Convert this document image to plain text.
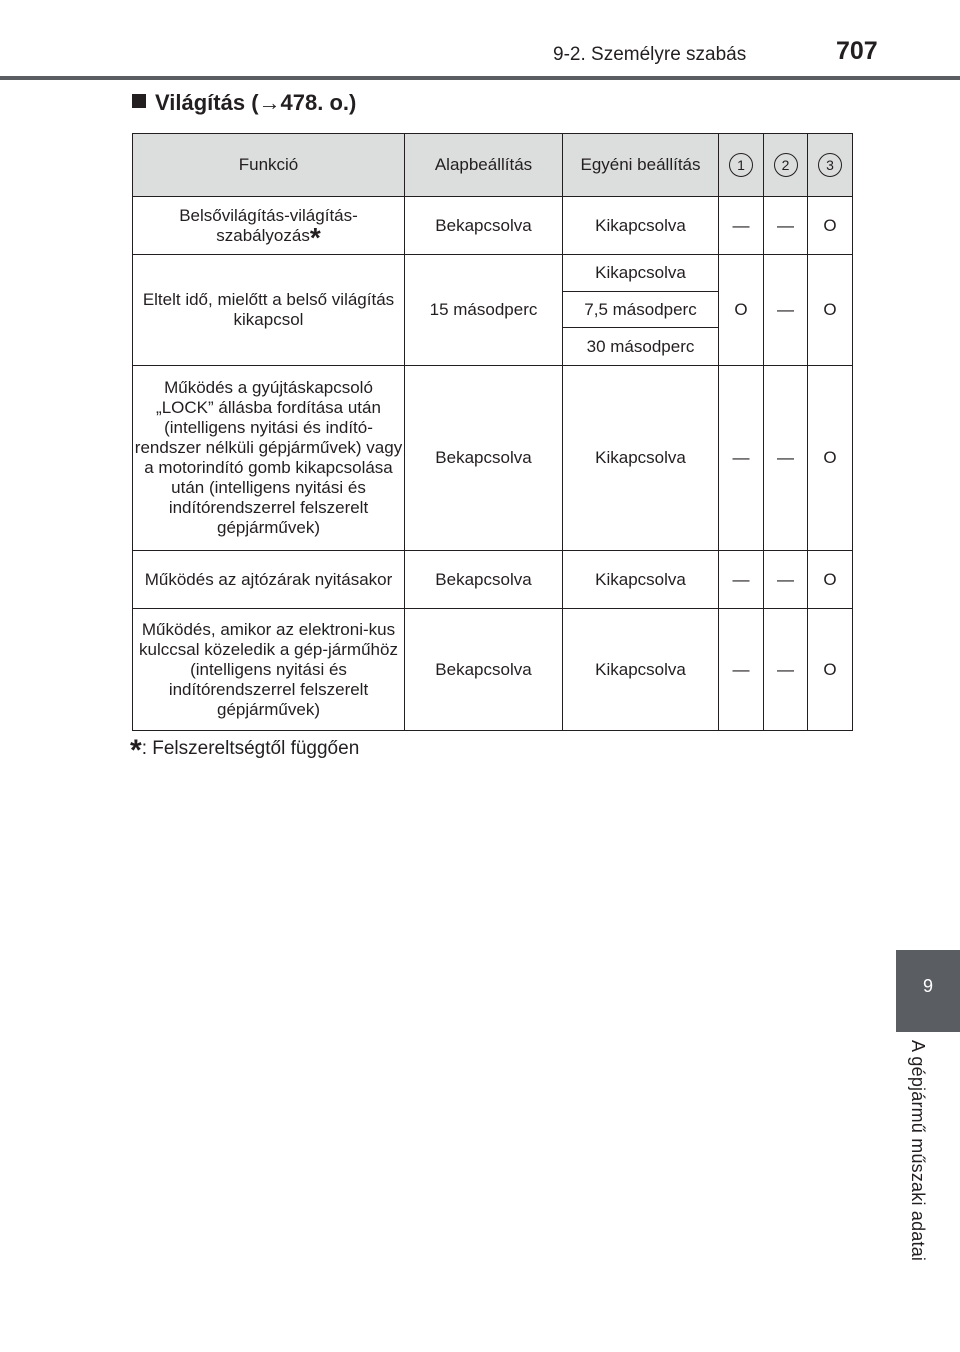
9-2. Személyre szabás	707
Világítás (→478. o.)
Funkció	Alapbeállítás	Egyéni beállítás	1	2	3
Belsővilágítás-világítás-szabályozás*	Bekapcsolva	Kikapcsolva	—	—	O
Eltelt idő, mielőtt a belső világítás kikapcsol	15 másodperc	Kikapcsolva	O	—	O
		7,5 másodperc			
		30 másodperc			
Működés a gyújtáskapcsoló „LOCK” állásba fordítása után (intelligens nyitási és indító-rendszer nélküli gépjárművek) vagy a motorindító gomb kikapcsolása után (intelligens nyitási és indítórendszerrel felszerelt gépjárművek)	Bekapcsolva	Kikapcsolva	—	—	O
Működés az ajtózárak nyitásakor	Bekapcsolva	Kikapcsolva	—	—	O
Működés, amikor az elektroni-kus kulccsal közeledik a gép-járműhöz (intelligens nyitási és indítórendszerrel felszerelt gépjárművek)	Bekapcsolva	Kikapcsolva	—	—	O
*: Felszereltségtől függően
9
A gépjármű műszaki adatai
